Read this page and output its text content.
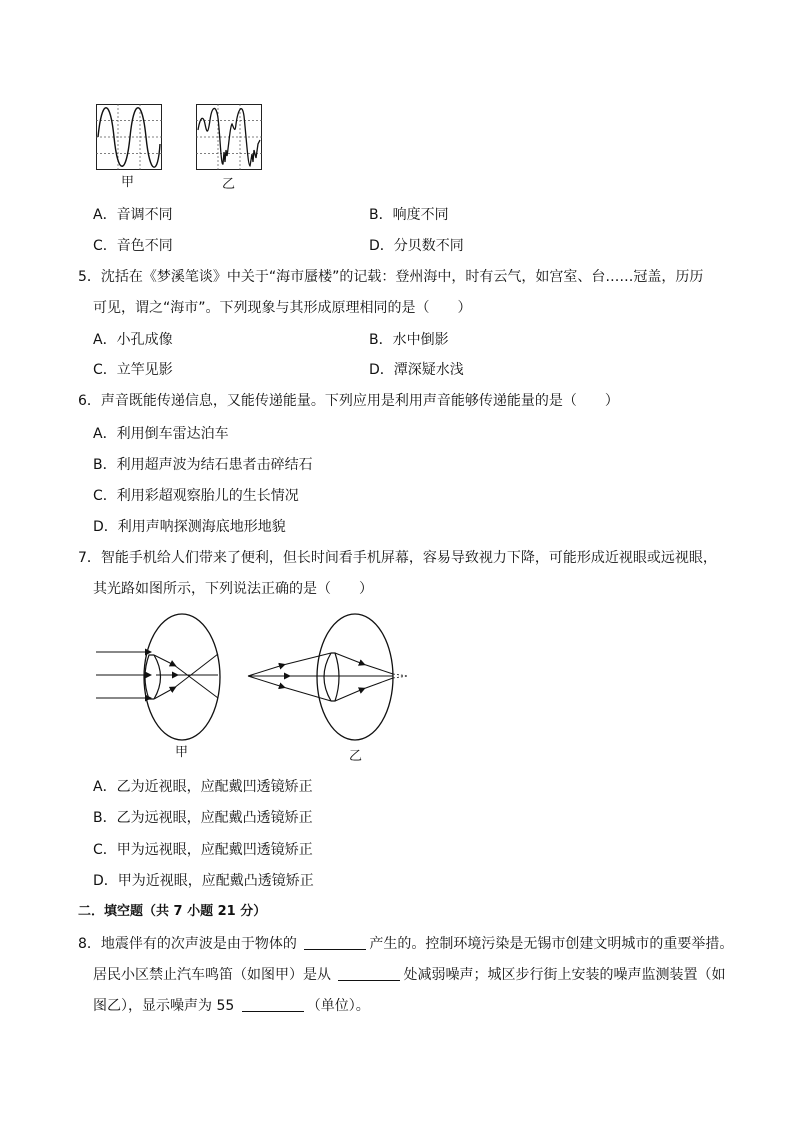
甲	乙
A．音调不同	B．响度不同
C．音色不同	D．分贝数不同
5．沈括在《梦溪笔谈》中关于“海市蜃楼”的记载：登州海中，时有云气，如宫室、台……冠盖，历历
可见，谓之“海市”。下列现象与其形成原理相同的是（　　）
A．小孔成像	B．水中倒影
C．立竿见影	D．潭深疑水浅
6．声音既能传递信息，又能传递能量。下列应用是利用声音能够传递能量的是（　　）
A．利用倒车雷达泊车
B．利用超声波为结石患者击碎结石
C．利用彩超观察胎儿的生长情况
D．利用声呐探测海底地形地貌
7．智能手机给人们带来了便利，但长时间看手机屏幕，容易导致视力下降，可能形成近视眼或远视眼，
其光路如图所示，下列说法正确的是（　　）
甲	乙
A．乙为近视眼，应配戴凹透镜矫正
B．乙为远视眼，应配戴凸透镜矫正
C．甲为远视眼，应配戴凹透镜矫正
D．甲为近视眼，应配戴凸透镜矫正
二．填空题（共 7 小题 21 分）
8．地震伴有的次声波是由于物体的	产生的。控制环境污染是无锡市创建文明城市的重要举措。
居民小区禁止汽车鸣笛（如图甲）是从	处减弱噪声；城区步行街上安装的噪声监测装置（如
图乙），显示噪声为 55	（单位）。
